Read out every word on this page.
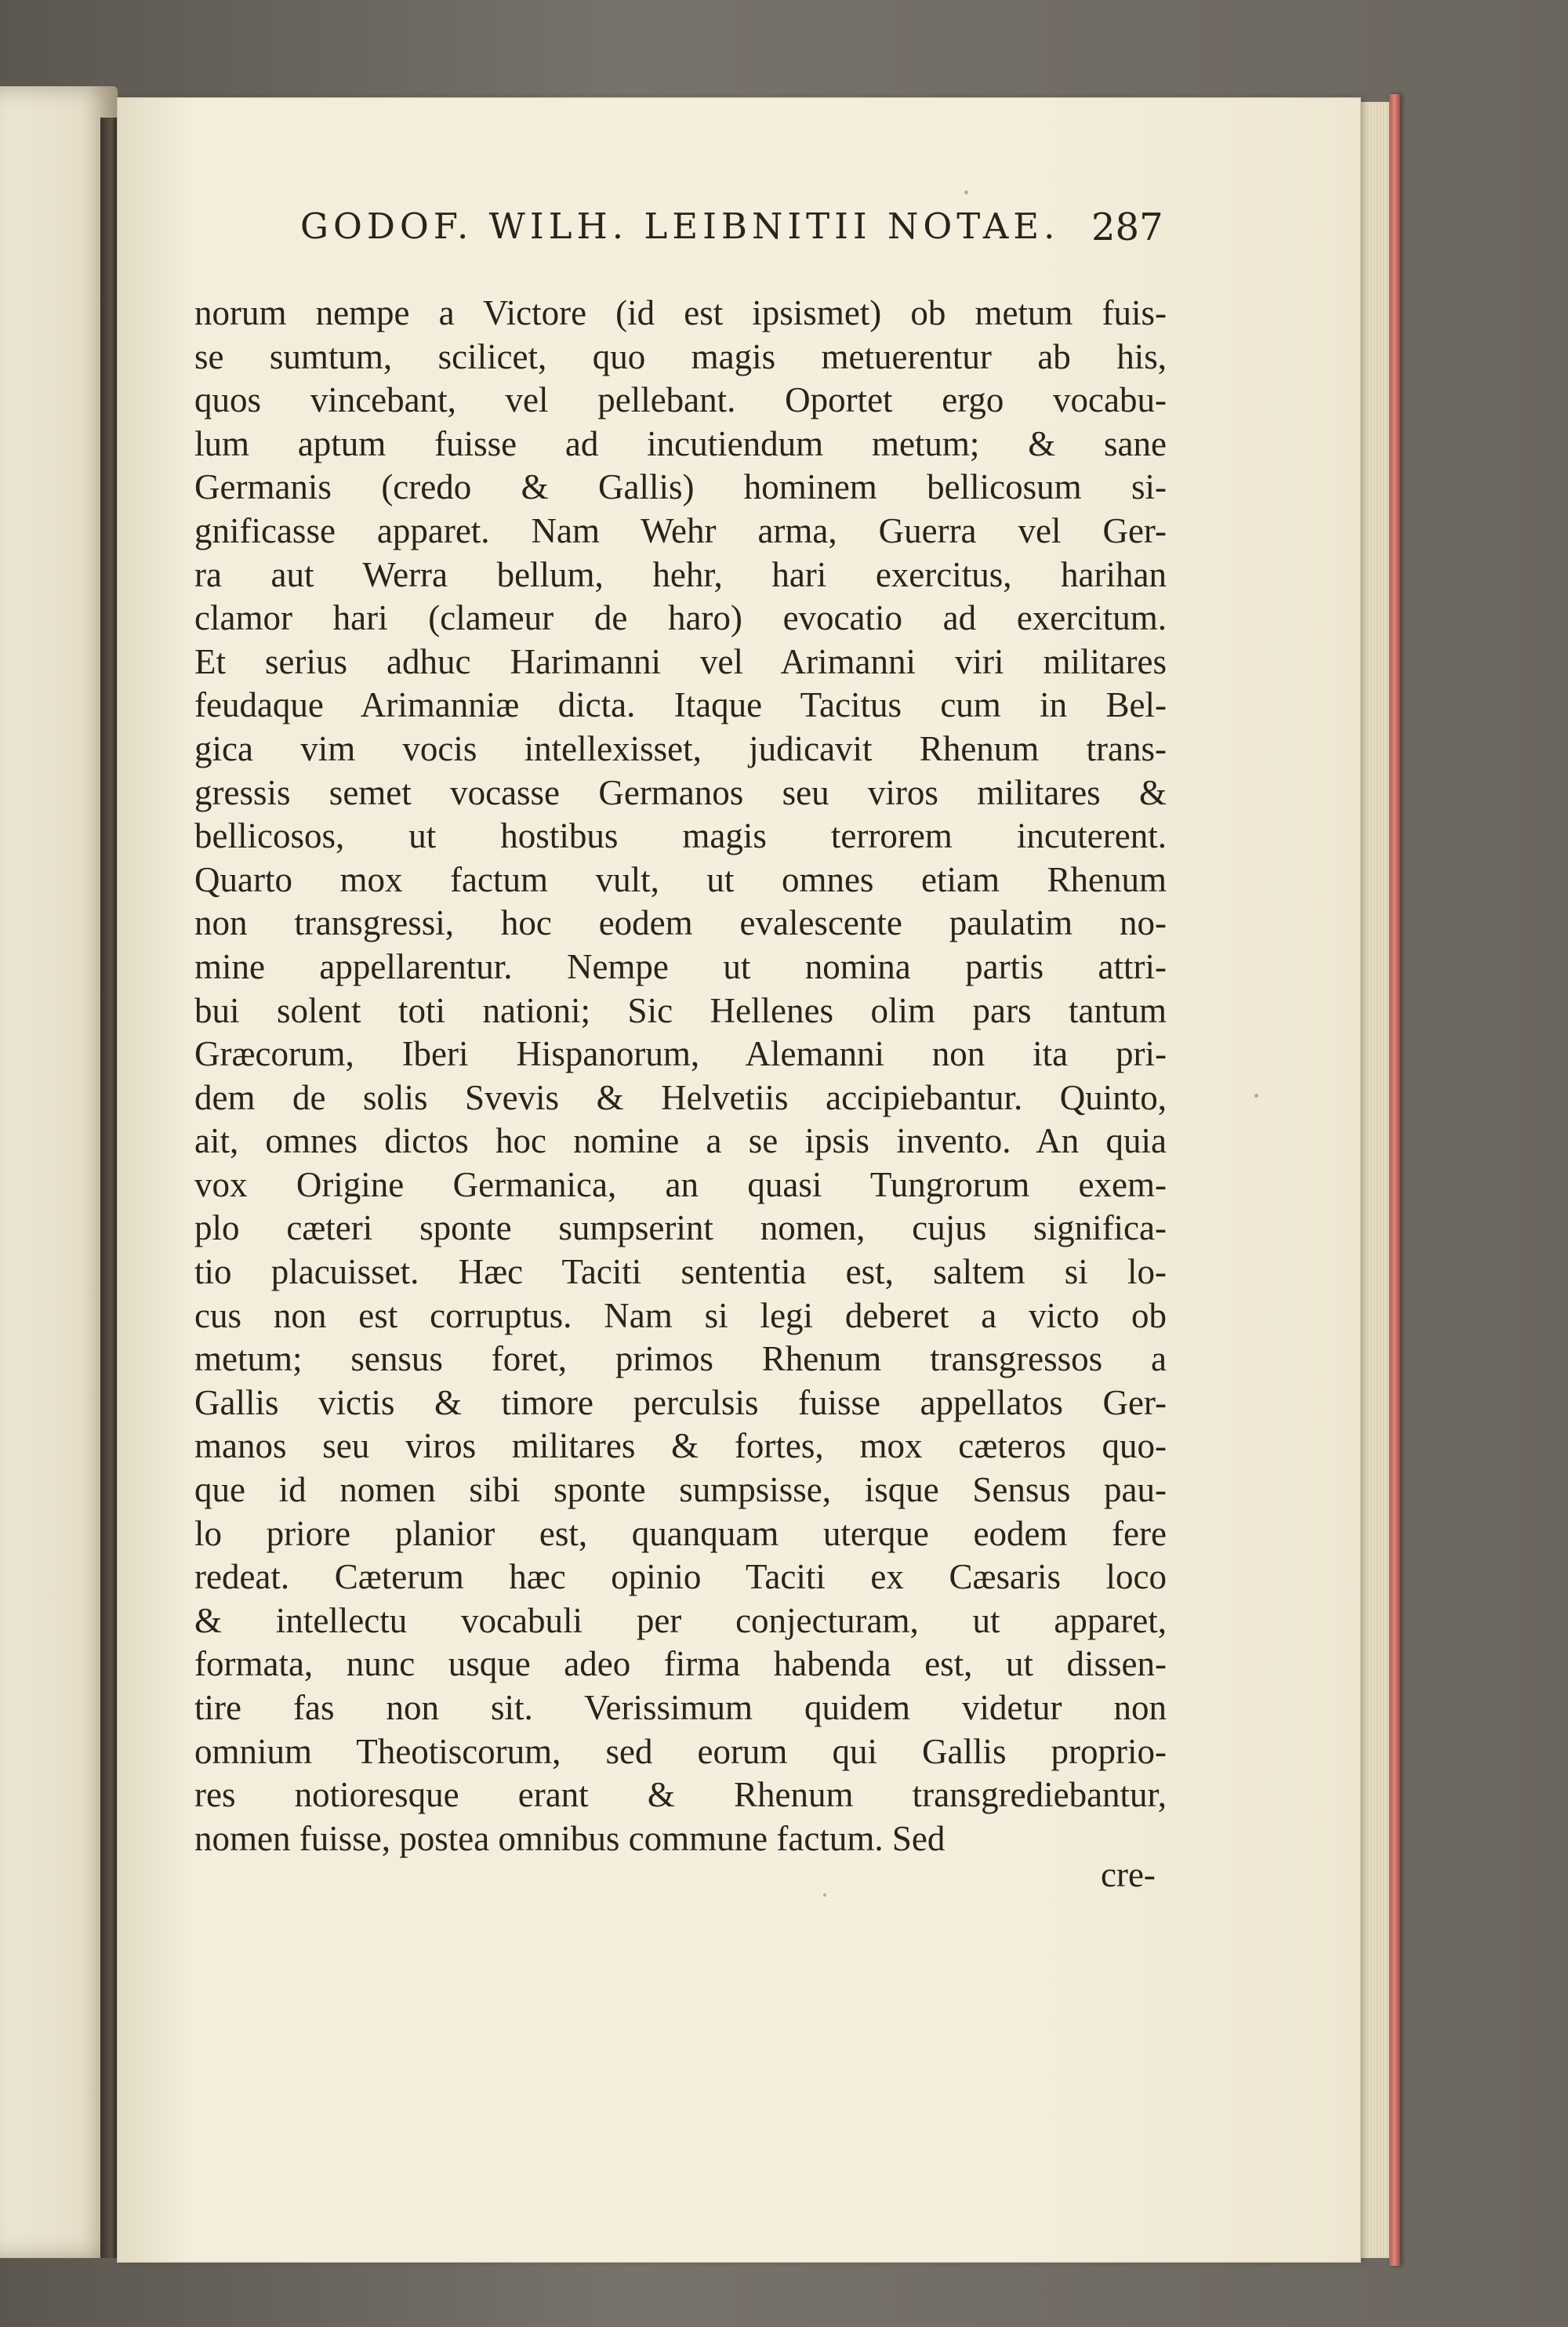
GODOF. WILH. LEIBNITII NOTAE. 287
norum nempe a Victore (id est ipsismet) ob metum fuis-
se sumtum, scilicet, quo magis metuerentur ab his,
quos vincebant, vel pellebant. Oportet ergo vocabu-
lum aptum fuisse ad incutiendum metum; & sane
Germanis (credo & Gallis) hominem bellicosum si-
gnificasse apparet. Nam Wehr arma, Guerra vel Ger-
ra aut Werra bellum, hehr, hari exercitus, harihan
clamor hari (clameur de haro) evocatio ad exercitum.
Et serius adhuc Harimanni vel Arimanni viri militares
feudaque Arimanniæ dicta. Itaque Tacitus cum in Bel-
gica vim vocis intellexisset, judicavit Rhenum trans-
gressis semet vocasse Germanos seu viros militares &
bellicosos, ut hostibus magis terrorem incuterent.
Quarto mox factum vult, ut omnes etiam Rhenum
non transgressi, hoc eodem evalescente paulatim no-
mine appellarentur. Nempe ut nomina partis attri-
bui solent toti nationi; Sic Hellenes olim pars tantum
Græcorum, Iberi Hispanorum, Alemanni non ita pri-
dem de solis Svevis & Helvetiis accipiebantur. Quinto,
ait, omnes dictos hoc nomine a se ipsis invento. An quia
vox Origine Germanica, an quasi Tungrorum exem-
plo cæteri sponte sumpserint nomen, cujus significa-
tio placuisset. Hæc Taciti sententia est, saltem si lo-
cus non est corruptus. Nam si legi deberet a victo ob
metum; sensus foret, primos Rhenum transgressos a
Gallis victis & timore perculsis fuisse appellatos Ger-
manos seu viros militares & fortes, mox cæteros quo-
que id nomen sibi sponte sumpsisse, isque Sensus pau-
lo priore planior est, quanquam uterque eodem fere
redeat. Cæterum hæc opinio Taciti ex Cæsaris loco
& intellectu vocabuli per conjecturam, ut apparet,
formata, nunc usque adeo firma habenda est, ut dissen-
tire fas non sit. Verissimum quidem videtur non
omnium Theotiscorum, sed eorum qui Gallis proprio-
res notioresque erant & Rhenum transgrediebantur,
nomen fuisse, postea omnibus commune factum. Sed
cre-
